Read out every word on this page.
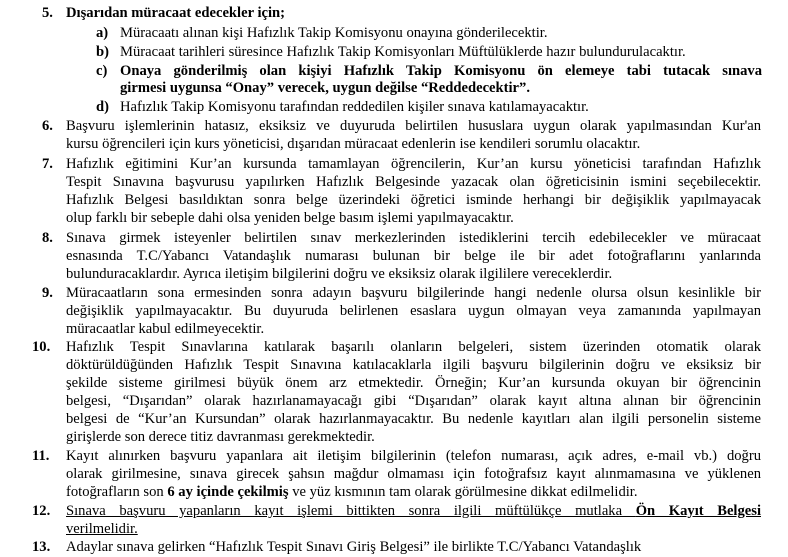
5. Dışarıdan müracaat edecekler için;
a) Müracaatı alınan kişi Hafızlık Takip Komisyonu onayına gönderilecektir.
b) Müracaat tarihleri süresince Hafızlık Takip Komisyonları Müftülüklerde hazır bulundurulacaktır.
c) Onaya gönderilmiş olan kişiyi Hafızlık Takip Komisyonu ön elemeye tabi tutacak sınava
girmesi uygunsa “Onay” verecek, uygun değilse “Reddedecektir”.
d) Hafızlık Takip Komisyonu tarafından reddedilen kişiler sınava katılamayacaktır.
6. Başvuru işlemlerinin hatasız, eksiksiz ve duyuruda belirtilen hususlara uygun olarak yapılmasından Kur'an
kursu öğrencileri için kurs yöneticisi, dışarıdan müracaat edenlerin ise kendileri sorumlu olacaktır.
7. Hafızlık eğitimini Kur’an kursunda tamamlayan öğrencilerin, Kur’an kursu yöneticisi tarafından Hafızlık
Tespit Sınavına başvurusu yapılırken Hafızlık Belgesinde yazacak olan öğreticisinin ismini seçebilecektir.
Hafızlık Belgesi basıldıktan sonra belge üzerindeki öğretici isminde herhangi bir değişiklik yapılmayacak
olup farklı bir sebeple dahi olsa yeniden belge basım işlemi yapılmayacaktır.
8. Sınava girmek isteyenler belirtilen sınav merkezlerinden istediklerini tercih edebilecekler ve müracaat
esnasında T.C/Yabancı Vatandaşlık numarası bulunan bir belge ile bir adet fotoğraflarını yanlarında
bulunduracaklardır. Ayrıca iletişim bilgilerini doğru ve eksiksiz olarak ilgililere vereceklerdir.
9. Müracaatların sona ermesinden sonra adayın başvuru bilgilerinde hangi nedenle olursa olsun kesinlikle bir
değişiklik yapılmayacaktır. Bu duyuruda belirlenen esaslara uygun olmayan veya zamanında yapılmayan
müracaatlar kabul edilmeyecektir.
10. Hafızlık Tespit Sınavlarına katılarak başarılı olanların belgeleri, sistem üzerinden otomatik olarak
döktürüldüğünden Hafızlık Tespit Sınavına katılacaklarla ilgili başvuru bilgilerinin doğru ve eksiksiz bir
şekilde sisteme girilmesi büyük önem arz etmektedir. Örneğin; Kur’an kursunda okuyan bir öğrencinin
belgesi, “Dışarıdan” olarak hazırlanamayacağı gibi “Dışarıdan” olarak kayıt altına alınan bir öğrencinin
belgesi de “Kur’an Kursundan” olarak hazırlanmayacaktır. Bu nedenle kayıtları alan ilgili personelin sisteme
girişlerde son derece titiz davranması gerekmektedir.
11. Kayıt alınırken başvuru yapanlara ait iletişim bilgilerinin (telefon numarası, açık adres, e-mail vb.) doğru
olarak girilmesine, sınava girecek şahsın mağdur olmaması için fotoğrafsız kayıt alınmamasına ve yüklenen
fotoğrafların son 6 ay içinde çekilmiş ve yüz kısmının tam olarak görülmesine dikkat edilmelidir.
12. Sınava başvuru yapanların kayıt işlemi bittikten sonra ilgili müftülükçe mutlaka Ön Kayıt Belgesi
verilmelidir.
13. Adaylar sınava gelirken “Hafızlık Tespit Sınavı Giriş Belgesi” ile birlikte T.C/Yabancı Vatandaşlık
